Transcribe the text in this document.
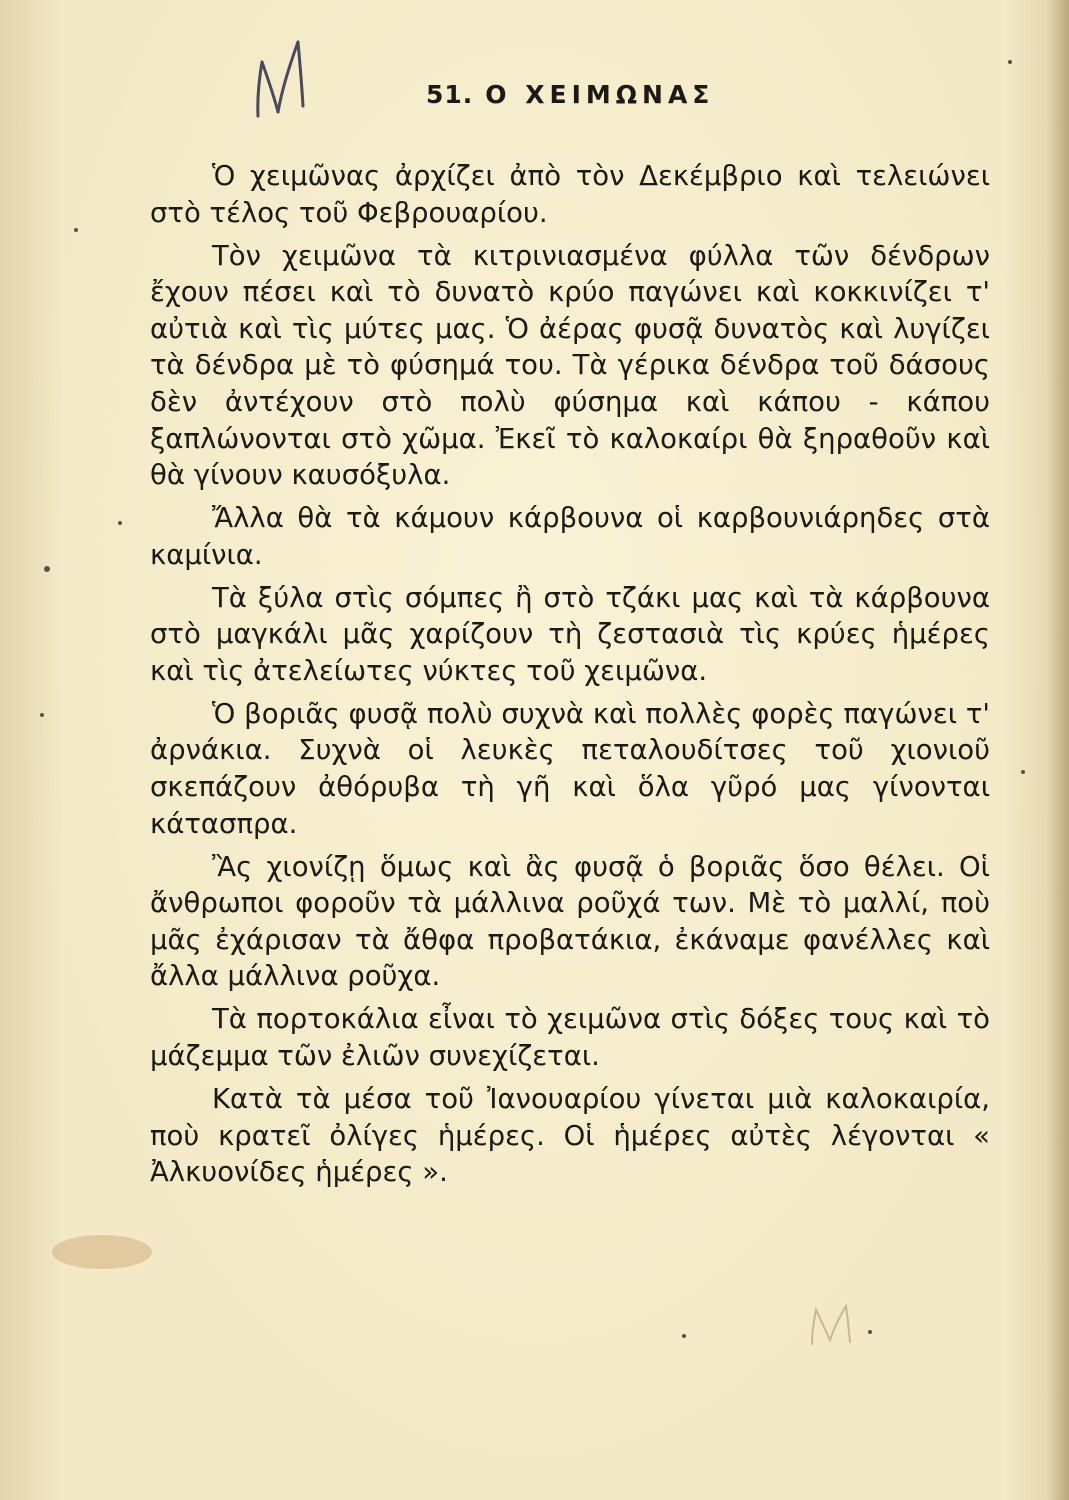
51. Ο ΧΕΙΜΩΝΑΣ

Ὁ χειμῶνας ἀρχίζει ἀπὸ τὸν Δεκέμβριο καὶ τελειώνει στὸ τέλος τοῦ Φεβρουαρίου.

Τὸν χειμῶνα τὰ κιτρινιασμένα φύλλα τῶν δένδρων ἔχουν πέσει καὶ τὸ δυνατὸ κρύο παγώνει καὶ κοκκινίζει τ' αὐτιὰ καὶ τὶς μύτες μας. Ὁ ἀέρας φυσᾷ δυνατὸς καὶ λυγίζει τὰ δένδρα μὲ τὸ φύσημά του. Τὰ γέρικα δένδρα τοῦ δάσους δὲν ἀντέχουν στὸ πολὺ φύσημα καὶ κάπου - κάπου ξαπλώνονται στὸ χῶμα. Ἐκεῖ τὸ καλοκαίρι θὰ ξηραθοῦν καὶ θὰ γίνουν καυσόξυλα.

Ἄλλα θὰ τὰ κάμουν κάρβουνα οἱ καρβουνιάρηδες στὰ καμίνια.

Τὰ ξύλα στὶς σόμπες ἢ στὸ τζάκι μας καὶ τὰ κάρβουνα στὸ μαγκάλι μᾶς χαρίζουν τὴ ζεστασιὰ τὶς κρύες ἡμέρες καὶ τὶς ἀτελείωτες νύκτες τοῦ χειμῶνα.

Ὁ βοριᾶς φυσᾷ πολὺ συχνὰ καὶ πολλὲς φορὲς παγώνει τ' ἀρνάκια. Συχνὰ οἱ λευκὲς πεταλουδίτσες τοῦ χιονιοῦ σκεπάζουν ἀθόρυβα τὴ γῆ καὶ ὅλα γῦρό μας γίνονται κάτασπρα.

Ἂς χιονίζῃ ὅμως καὶ ἂς φυσᾷ ὁ βοριᾶς ὅσο θέλει. Οἱ ἄνθρωποι φοροῦν τὰ μάλλινα ροῦχά των. Μὲ τὸ μαλλί, ποὺ μᾶς ἐχάρισαν τὰ ἄθφα προβατάκια, ἐκάναμε φανέλλες καὶ ἄλλα μάλλινα ροῦχα.

Τὰ πορτοκάλια εἶναι τὸ χειμῶνα στὶς δόξες τους καὶ τὸ μάζεμμα τῶν ἐλιῶν συνεχίζεται.

Κατὰ τὰ μέσα τοῦ Ἰανουαρίου γίνεται μιὰ καλοκαιρία, ποὺ κρατεῖ ὀλίγες ἡμέρες. Οἱ ἡμέρες αὐτὲς λέγονται « Ἀλκυονίδες ἡμέρες ».
